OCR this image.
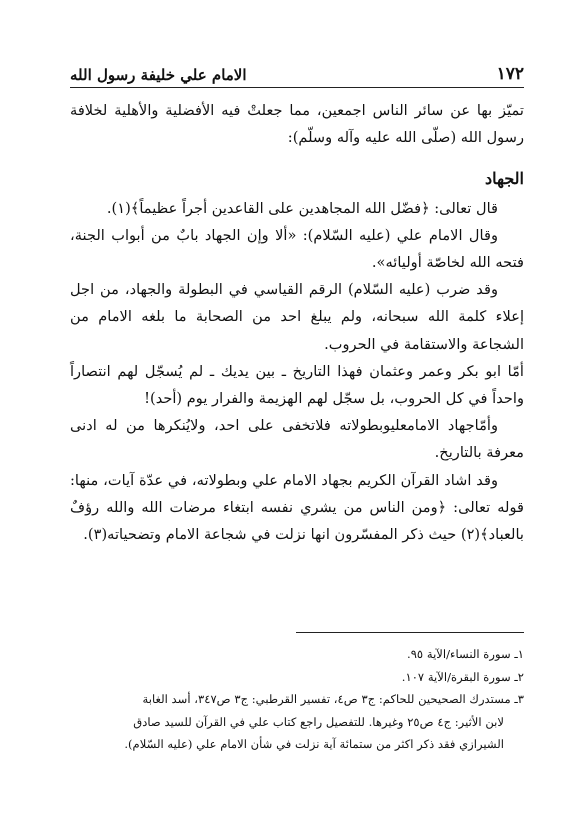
١٧٢
الامام علي خليفة رسول الله

تميّز بها عن سائر الناس اجمعين، مما جعلتْ فيه الأفضلية والأهلية لخلافة رسول الله (صلّى الله عليه وآله وسلّم):

الجهاد

قال تعالى: ﴿فضّل الله المجاهدين على القاعدين أجراً عظيماً﴾(١).

وقال الامام علي (عليه السّلام): «ألا وإن الجهاد بابٌ من أبواب الجنة، فتحه الله لخاصّة أوليائه».

وقد ضرب (عليه السّلام) الرقم القياسي في البطولة والجهاد، من اجل إعلاء كلمة الله سبحانه، ولم يبلغ احد من الصحابة ما بلغه الامام من الشجاعة والاستقامة في الحروب.

أمّا ابو بكر وعمر وعثمان فهذا التاريخ ـ بين يديك ـ لم يُسجّل لهم انتصاراً واحداً في كل الحروب، بل سجّل لهم الهزيمة والفرار يوم (أحد)!

وأمّاجهاد الامامعليوبطولاته فلاتخفى على احد، ولايُنكرها من له ادنى معرفة بالتاريخ.

وقد اشاد القرآن الكريم بجهاد الامام علي وبطولاته، في عدّة آيات، منها: قوله تعالى: ﴿ومن الناس من يشري نفسه ابتغاء مرضات الله والله رؤفٌ بالعباد﴾(٢) حيث ذكر المفسّرون انها نزلت في شجاعة الامام وتضحياته(٣).

١ـ سورة النساء/الآية ٩٥.

٢ـ سورة البقرة/الآية ١٠٧.

٣ـ مستدرك الصحيحين للحاكم: ج٣ ص٤، تفسير القرطبي: ج٣ ص٣٤٧، أسد الغابة

لابن الأثير: ج٤ ص٢٥ وغيرها. للتفصيل راجع كتاب علي في القرآن للسيد صادق

الشيرازي فقد ذكر اكثر من ستمائة آية نزلت في شأن الامام علي (عليه السّلام).
